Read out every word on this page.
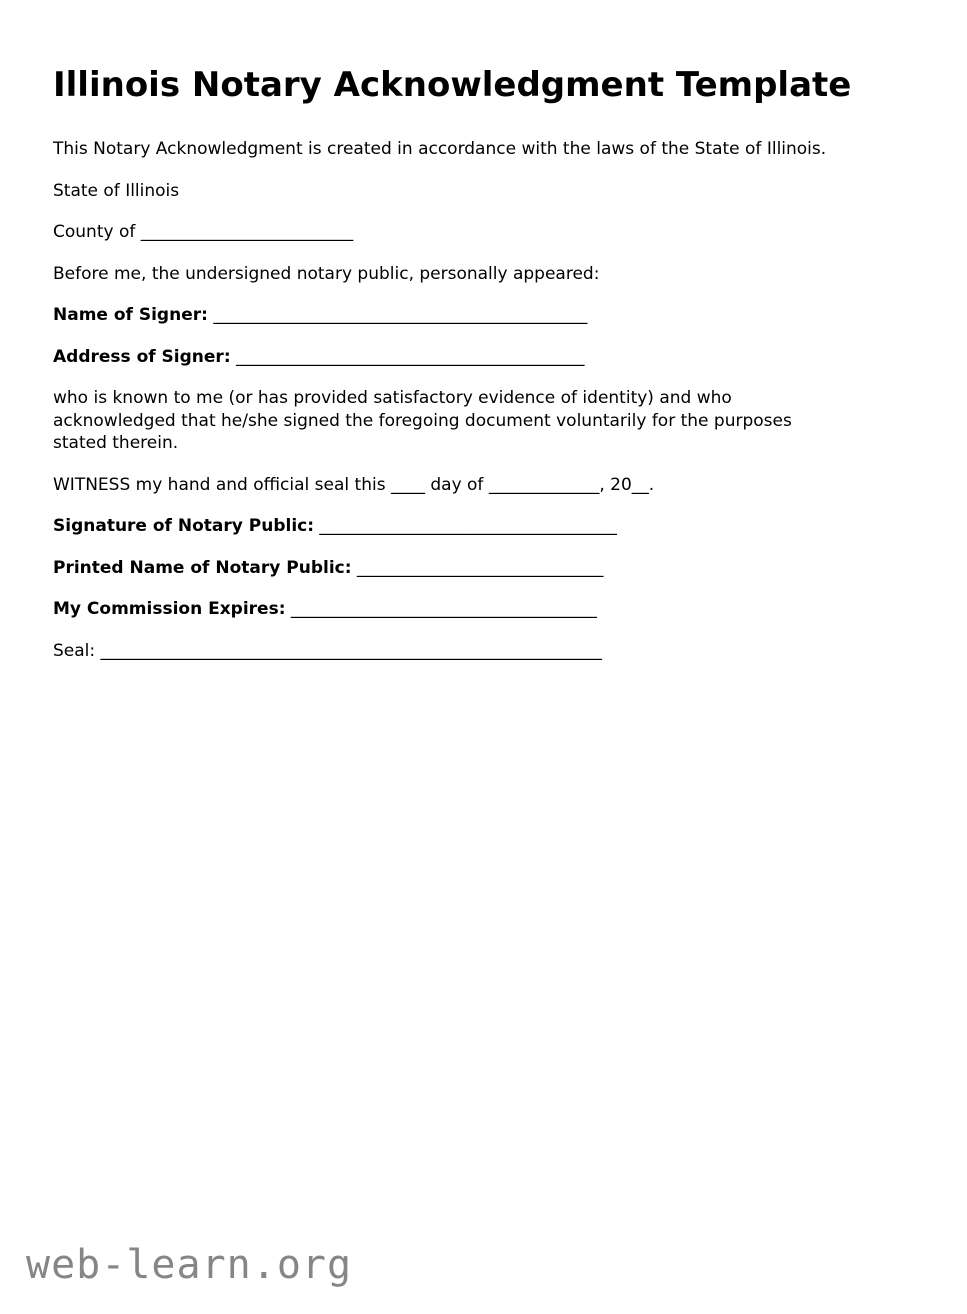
Illinois Notary Acknowledgment Template

This Notary Acknowledgment is created in accordance with the laws of the State of Illinois.

State of Illinois

County of _________________________

Before me, the undersigned notary public, personally appeared:

Name of Signer: ____________________________________________

Address of Signer: _________________________________________

who is known to me (or has provided satisfactory evidence of identity) and who
acknowledged that he/she signed the foregoing document voluntarily for the purposes
stated therein.

WITNESS my hand and official seal this ____ day of _____________, 20__.

Signature of Notary Public: ___________________________________

Printed Name of Notary Public: _____________________________

My Commission Expires: ____________________________________

Seal: ___________________________________________________________

web-learn.org
